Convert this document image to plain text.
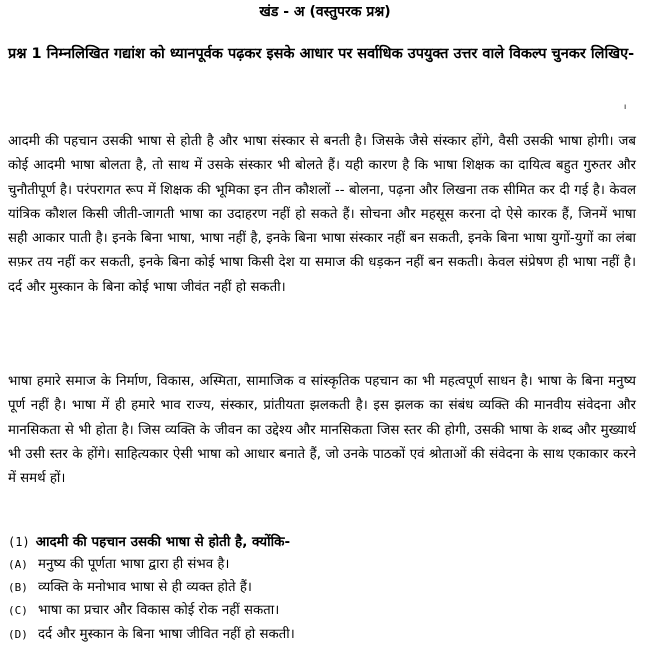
खंड - अ (वस्तुपरक प्रश्न)
प्रश्न 1 निम्नलिखित गद्यांश को ध्यानपूर्वक पढ़कर इसके आधार पर सर्वाधिक उपयुक्त उत्तर वाले विकल्प चुनकर लिखिए-
ı

आदमी की पहचान उसकी भाषा से होती है और भाषा संस्कार से बनती है। जिसके जैसे संस्कार होंगे, वैसी उसकी भाषा होगी। जब कोई आदमी भाषा बोलता है, तो साथ में उसके संस्कार भी बोलते हैं। यही कारण है कि भाषा शिक्षक का दायित्व बहुत गुरुतर और चुनौतीपूर्ण है। परंपरागत रूप में शिक्षक की भूमिका इन तीन कौशलों -- बोलना, पढ़ना और लिखना तक सीमित कर दी गई है। केवल यांत्रिक कौशल किसी जीती-जागती भाषा का उदाहरण नहीं हो सकते हैं। सोचना और महसूस करना दो ऐसे कारक हैं, जिनमें भाषा सही आकार पाती है। इनके बिना भाषा, भाषा नहीं है, इनके बिना भाषा संस्कार नहीं बन सकती, इनके बिना भाषा युगों-युगों का लंबा सफ़र तय नहीं कर सकती, इनके बिना कोई भाषा किसी देश या समाज की धड़कन नहीं बन सकती। केवल संप्रेषण ही भाषा नहीं है। दर्द और मुस्कान के बिना कोई भाषा जीवंत नहीं हो सकती।

भाषा हमारे समाज के निर्माण, विकास, अस्मिता, सामाजिक व सांस्कृतिक पहचान का भी महत्वपूर्ण साधन है। भाषा के बिना मनुष्य पूर्ण नहीं है। भाषा में ही हमारे भाव राज्य, संस्कार, प्रांतीयता झलकती है। इस झलक का संबंध व्यक्ति की मानवीय संवेदना और मानसिकता से भी होता है। जिस व्यक्ति के जीवन का उद्देश्य और मानसिकता जिस स्तर की होगी, उसकी भाषा के शब्द और मुख्यार्थ भी उसी स्तर के होंगे। साहित्यकार ऐसी भाषा को आधार बनाते हैं, जो उनके पाठकों एवं श्रोताओं की संवेदना के साथ एकाकार करने में समर्थ हों।

(1) आदमी की पहचान उसकी भाषा से होती है, क्योंकि-
(A) मनुष्य की पूर्णता भाषा द्वारा ही संभव है।
(B) व्यक्ति के मनोभाव भाषा से ही व्यक्त होते हैं।
(C) भाषा का प्रचार और विकास कोई रोक नहीं सकता।
(D) दर्द और मुस्कान के बिना भाषा जीवित नहीं हो सकती।
